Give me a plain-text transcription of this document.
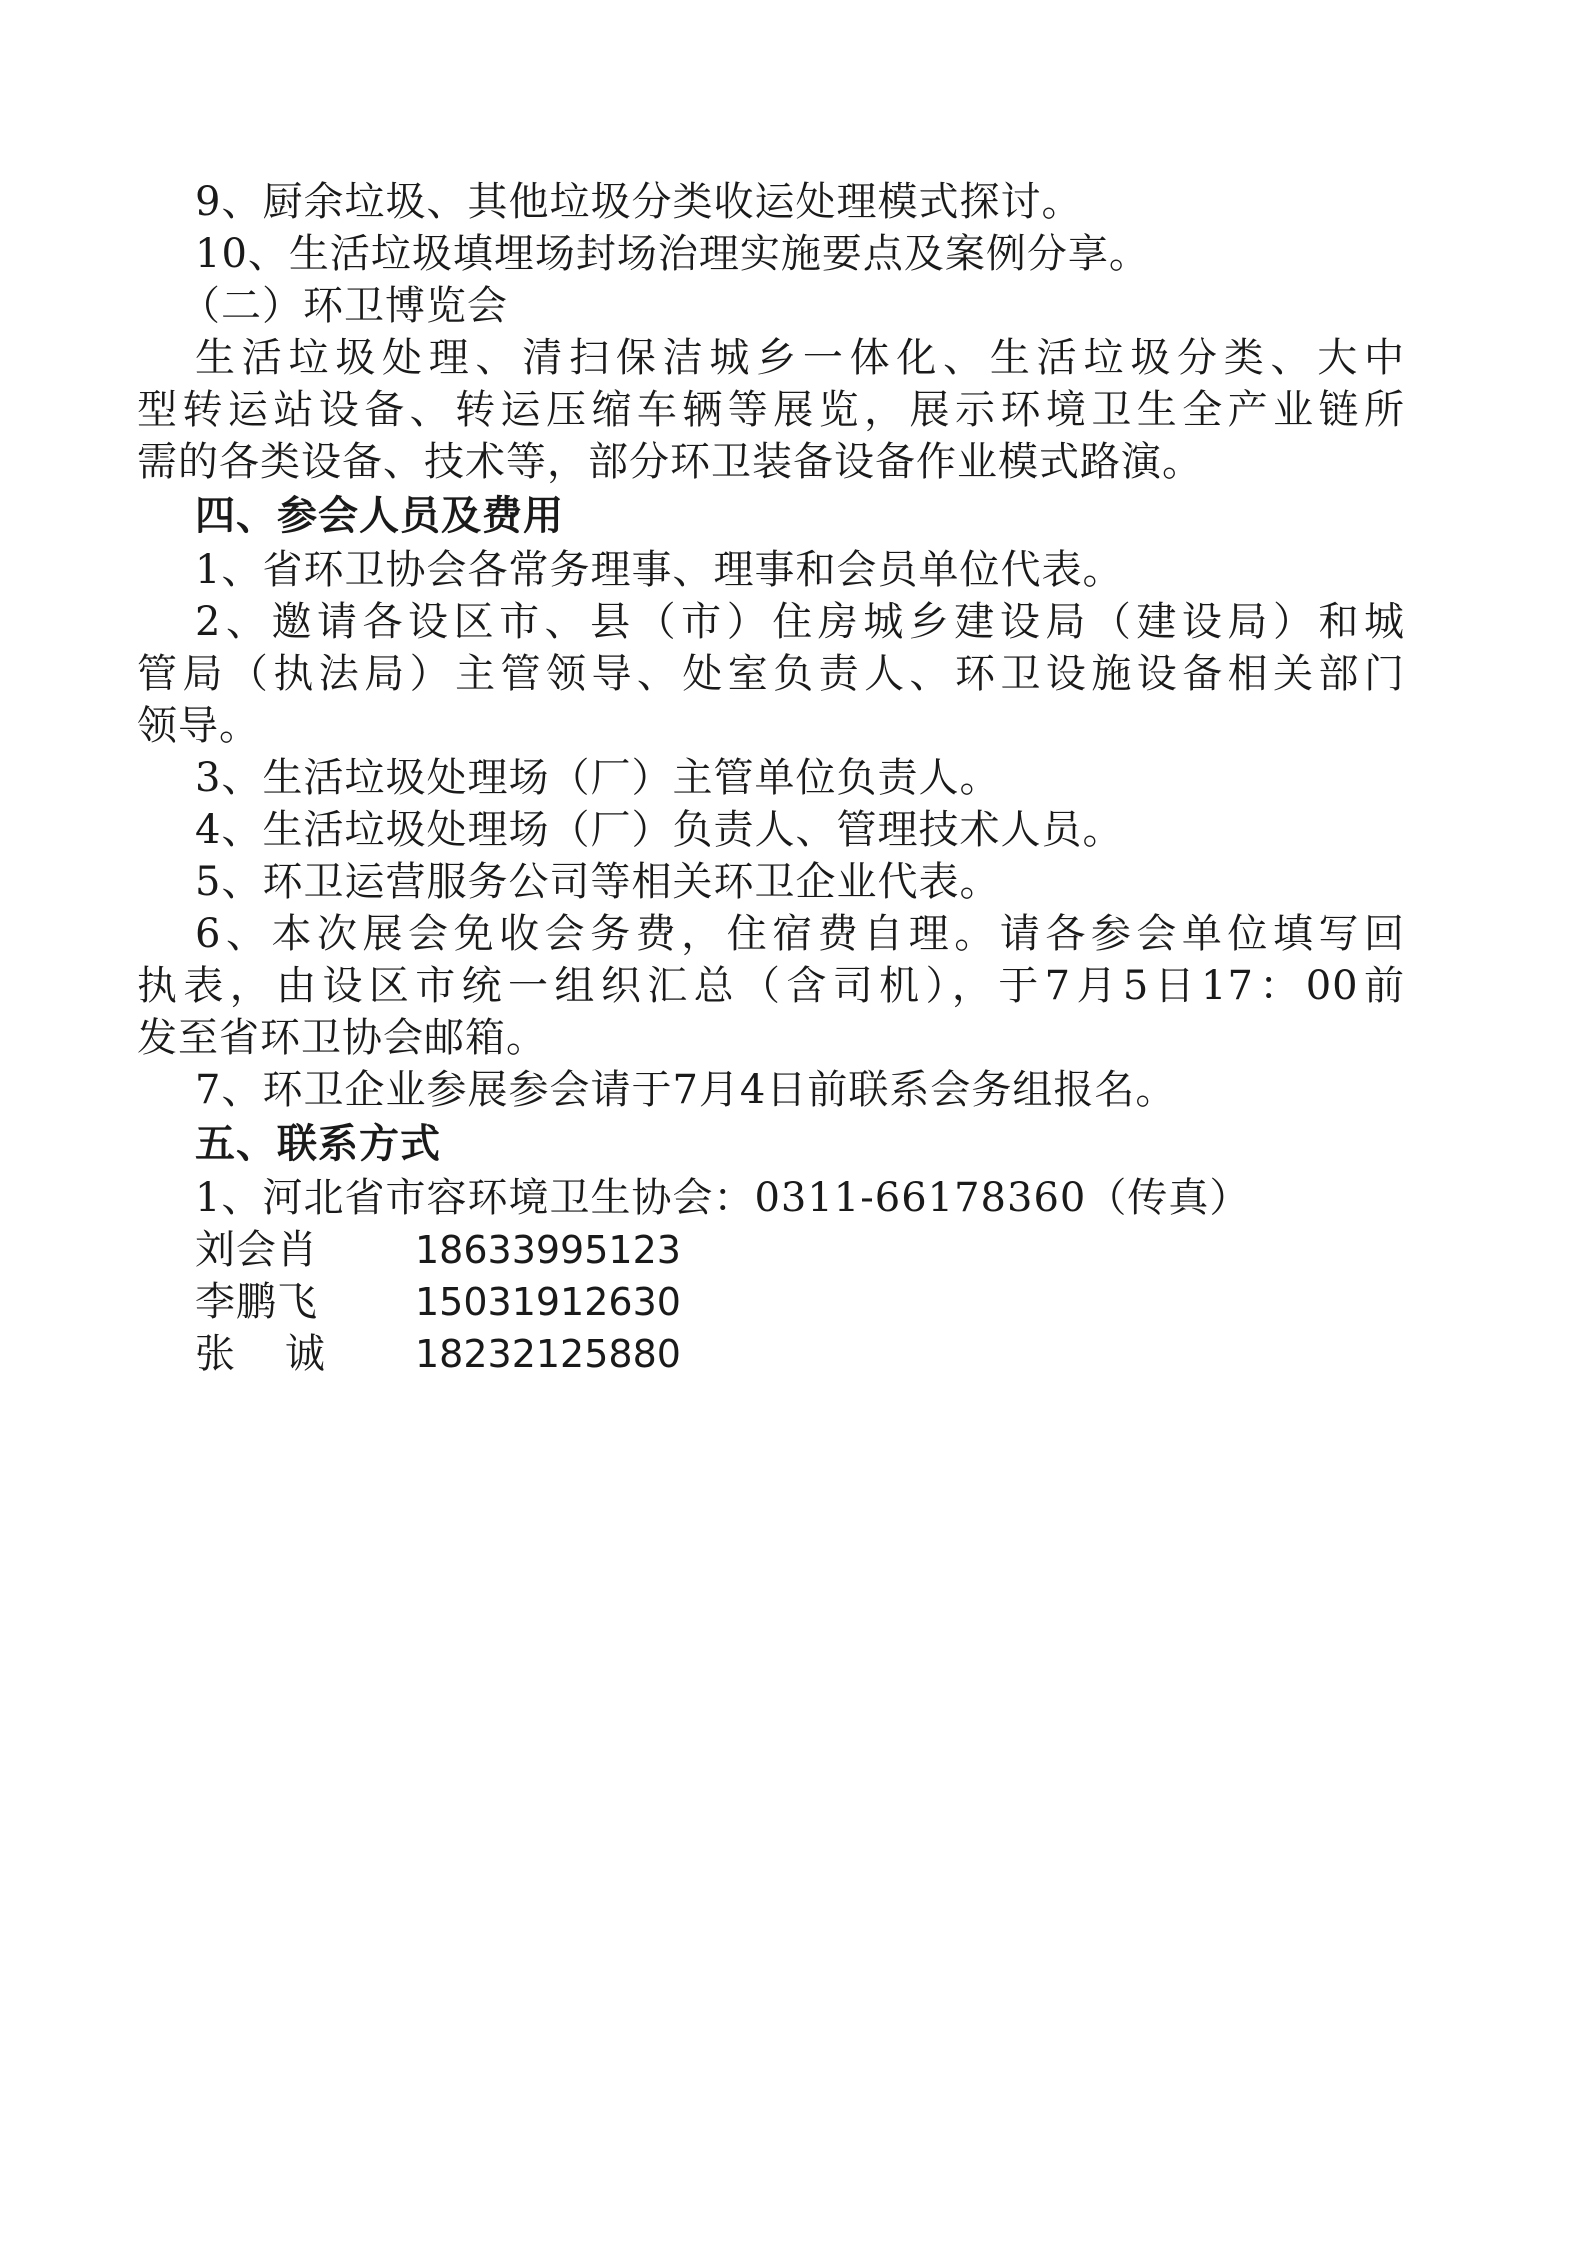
9、厨余垃圾、其他垃圾分类收运处理模式探讨。
10、生活垃圾填埋场封场治理实施要点及案例分享。
（二）环卫博览会
生活垃圾处理、清扫保洁城乡一体化、生活垃圾分类、大中
型转运站设备、转运压缩车辆等展览，展示环境卫生全产业链所
需的各类设备、技术等，部分环卫装备设备作业模式路演。
四、参会人员及费用
1、省环卫协会各常务理事、理事和会员单位代表。
2、邀请各设区市、县（市）住房城乡建设局（建设局）和城
管局（执法局）主管领导、处室负责人、环卫设施设备相关部门
领导。
3、生活垃圾处理场（厂）主管单位负责人。
4、生活垃圾处理场（厂）负责人、管理技术人员。
5、环卫运营服务公司等相关环卫企业代表。
6、本次展会免收会务费，住宿费自理。请各参会单位填写回
执表，由设区市统一组织汇总（含司机），于7月5日17：00前
发至省环卫协会邮箱。
7、环卫企业参展参会请于7月4日前联系会务组报名。
五、联系方式
1、河北省市容环境卫生协会：0311-66178360（传真）
刘会肖	18633995123
李鹏飞	15031912630
张诚 18232125880
